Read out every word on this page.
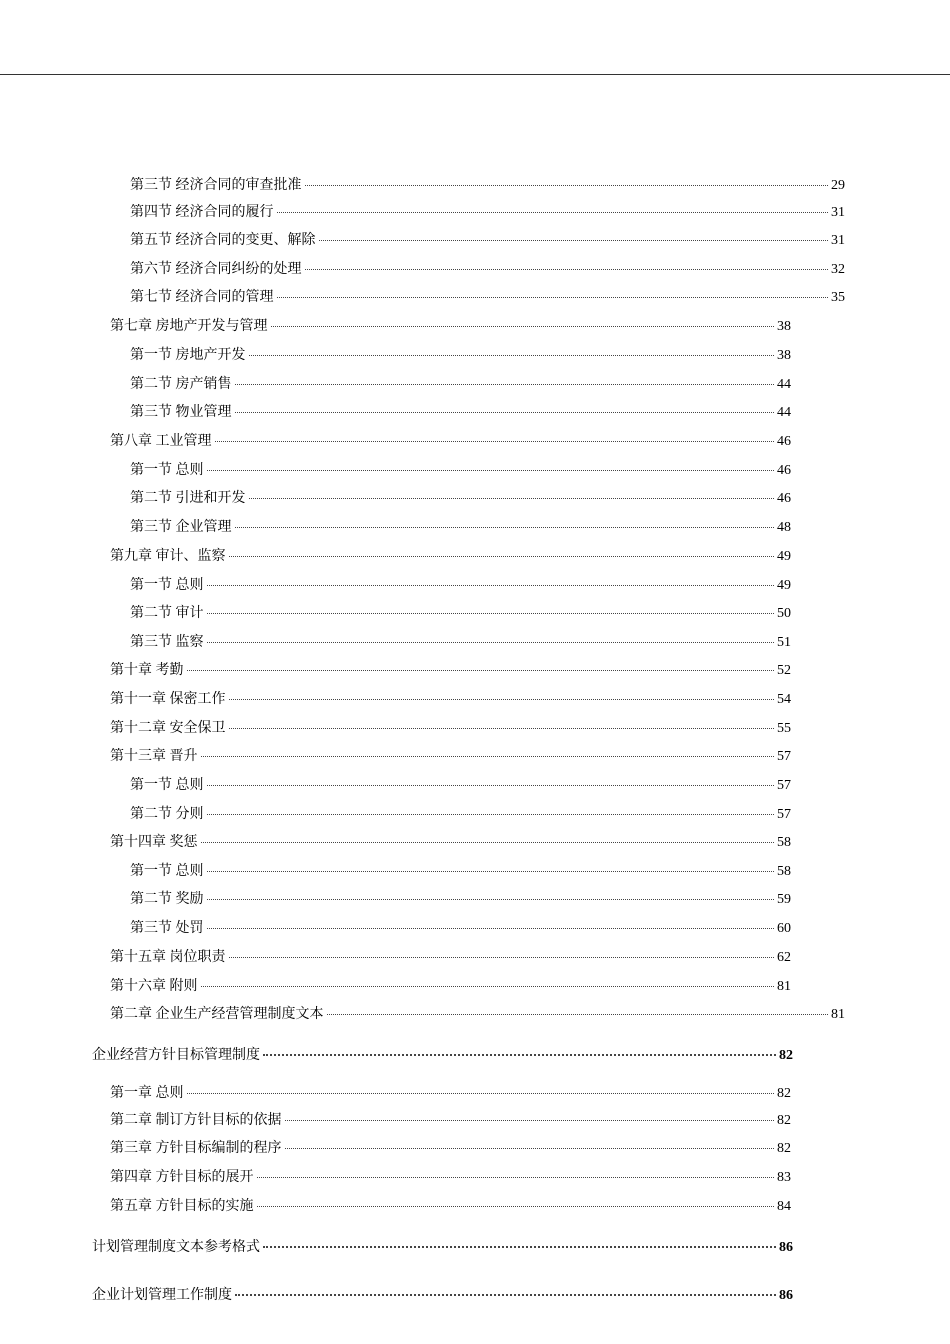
第三节 经济合同的审查批准	29
第四节 经济合同的履行	31
第五节 经济合同的变更、解除	31
第六节 经济合同纠纷的处理	32
第七节 经济合同的管理	35
第七章 房地产开发与管理	38
第一节 房地产开发	38
第二节 房产销售	44
第三节 物业管理	44
第八章 工业管理	46
第一节 总则	46
第二节 引进和开发	46
第三节 企业管理	48
第九章 审计、监察	49
第一节 总则	49
第二节 审计	50
第三节 监察	51
第十章 考勤	52
第十一章 保密工作	54
第十二章 安全保卫	55
第十三章 晋升	57
第一节 总则	57
第二节 分则	57
第十四章 奖惩	58
第一节 总则	58
第二节 奖励	59
第三节 处罚	60
第十五章 岗位职责	62
第十六章 附则	81
第二章 企业生产经营管理制度文本	81
企业经营方针目标管理制度	82
第一章 总则	82
第二章 制订方针目标的依据	82
第三章 方针目标编制的程序	82
第四章 方针目标的展开	83
第五章 方针目标的实施	84
计划管理制度文本参考格式	86
企业计划管理工作制度	86
